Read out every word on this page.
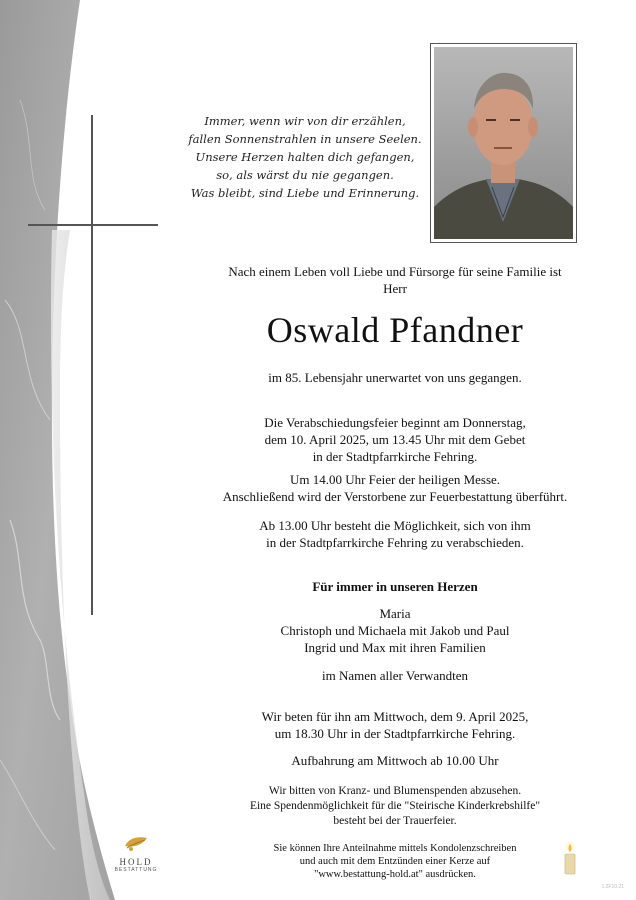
Immer, wenn wir von dir erzählen,
fallen Sonnenstrahlen in unsere Seelen.
Unsere Herzen halten dich gefangen,
so, als wärst du nie gegangen.
Was bleibt, sind Liebe und Erinnerung.
Nach einem Leben voll Liebe und Fürsorge für seine Familie ist
Herr
Oswald Pfandner
im 85. Lebensjahr unerwartet von uns gegangen.
Die Verabschiedungsfeier beginnt am Donnerstag,
dem 10. April 2025, um 13.45 Uhr mit dem Gebet
in der Stadtpfarrkirche Fehring.
Um 14.00 Uhr Feier der heiligen Messe.
Anschließend wird der Verstorbene zur Feuerbestattung überführt.
Ab 13.00 Uhr besteht die Möglichkeit, sich von ihm
in der Stadtpfarrkirche Fehring zu verabschieden.
Für immer in unseren Herzen
Maria
Christoph und Michaela mit Jakob und Paul
Ingrid und Max mit ihren Familien
im Namen aller Verwandten
Wir beten für ihn am Mittwoch, dem 9. April 2025,
um 18.30 Uhr in der Stadtpfarrkirche Fehring.
Aufbahrung am Mittwoch ab 10.00 Uhr
Wir bitten von Kranz- und Blumenspenden abzusehen.
Eine Spendenmöglichkeit für die "Steirische Kinderkrebshilfe"
besteht bei der Trauerfeier.
Sie können Ihre Anteilnahme mittels Kondolenzschreiben
und auch mit dem Entzünden einer Kerze auf
"www.bestattung-hold.at" ausdrücken.
HOLD
BESTATTUNG
1.2F10.21
